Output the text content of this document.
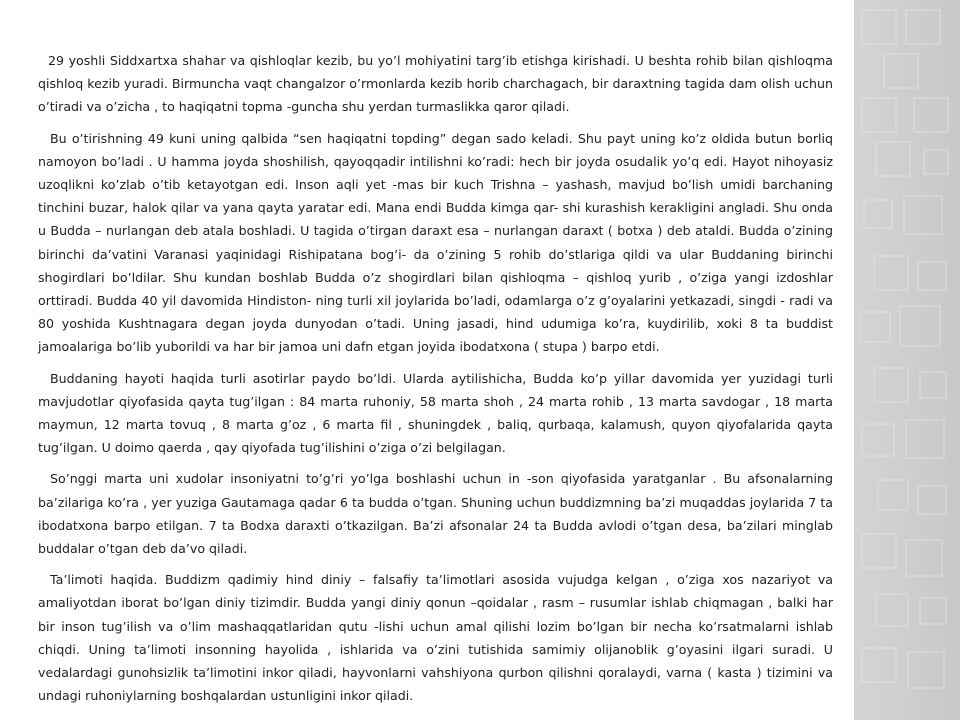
29 yoshli Siddxartxa shahar va qishloqlar kezib, bu yo’l mohiyatini targ’ib etishga kirishadi. U beshta rohib bilan qishloqma qishloq kezib yuradi. Birmuncha vaqt changalzor o’rmonlarda kezib horib charchagach, bir daraxtning tagida dam olish uchun o’tiradi va o’zicha , to haqiqatni topma -guncha shu yerdan turmaslikka qaror qiladi.

Bu o’tirishning 49 kuni uning qalbida “sen haqiqatni topding” degan sado keladi. Shu payt uning ko’z oldida butun borliq namoyon bo’ladi . U hamma joyda shoshilish, qayoqqadir intilishni ko’radi: hech bir joyda osudalik yo’q edi. Hayot nihoyasiz uzoqlikni ko’zlab o’tib ketayotgan edi. Inson aqli yet -mas bir kuch Trishna – yashash, mavjud bo’lish umidi barchaning tinchini buzar, halok qilar va yana qayta yaratar edi. Mana endi Budda kimga qar- shi kurashish kerakligini angladi. Shu onda u Budda – nurlangan deb atala boshladi. U tagida o’tirgan daraxt esa – nurlangan daraxt ( botxa ) deb ataldi. Budda o’zining birinchi da’vatini Varanasi yaqinidagi Rishipatana bog’i- da o’zining 5 rohib do’stlariga qildi va ular Buddaning birinchi shogirdlari bo’ldilar. Shu kundan boshlab Budda o’z shogirdlari bilan qishloqma – qishloq yurib , o’ziga yangi izdoshlar orttiradi. Budda 40 yil davomida Hindiston- ning turli xil joylarida bo’ladi, odamlarga o’z g’oyalarini yetkazadi, singdi - radi va 80 yoshida Kushtnagara degan joyda dunyodan o’tadi. Uning jasadi, hind udumiga ko’ra, kuydirilib, xoki 8 ta buddist jamoalariga bo’lib yuborildi va har bir jamoa uni dafn etgan joyida ibodatxona ( stupa ) barpo etdi.

Buddaning hayoti haqida turli asotirlar paydo bo’ldi. Ularda aytilishicha, Budda ko’p yillar davomida yer yuzidagi turli mavjudotlar qiyofasida qayta tug’ilgan : 84 marta ruhoniy, 58 marta shoh , 24 marta rohib , 13 marta savdogar , 18 marta maymun, 12 marta tovuq , 8 marta g’oz , 6 marta fil , shuningdek , baliq, qurbaqa, kalamush, quyon qiyofalarida qayta tug’ilgan. U doimo qaerda , qay qiyofada tug’ilishini o’ziga o’zi belgilagan.

So’nggi marta uni xudolar insoniyatni to’g’ri yo’lga boshlashi uchun in -son qiyofasida yaratganlar . Bu afsonalarning ba’zilariga ko’ra , yer yuziga Gautamaga qadar 6 ta budda o’tgan. Shuning uchun buddizmning ba’zi muqaddas joylarida 7 ta ibodatxona barpo etilgan. 7 ta Bodxa daraxti o’tkazilgan. Ba’zi afsonalar 24 ta Budda avlodi o’tgan desa, ba’zilari minglab buddalar o’tgan deb da’vo qiladi.

Ta’limoti haqida. Buddizm qadimiy hind diniy – falsafiy ta’limotlari asosida vujudga kelgan , o’ziga xos nazariyot va amaliyotdan iborat bo’lgan diniy tizimdir. Budda yangi diniy qonun –qoidalar , rasm – rusumlar ishlab chiqmagan , balki har bir inson tug’ilish va o’lim mashaqqatlaridan qutu -lishi uchun amal qilishi lozim bo’lgan bir necha ko’rsatmalarni ishlab chiqdi. Uning ta’limoti insonning hayolida , ishlarida va o’zini tutishida samimiy olijanoblik g’oyasini ilgari suradi. U vedalardagi gunohsizlik ta’limotini inkor qiladi, hayvonlarni vahshiyona qurbon qilishni qoralaydi, varna ( kasta ) tizimini va undagi ruhoniylarning boshqalardan ustunligini inkor qiladi.
